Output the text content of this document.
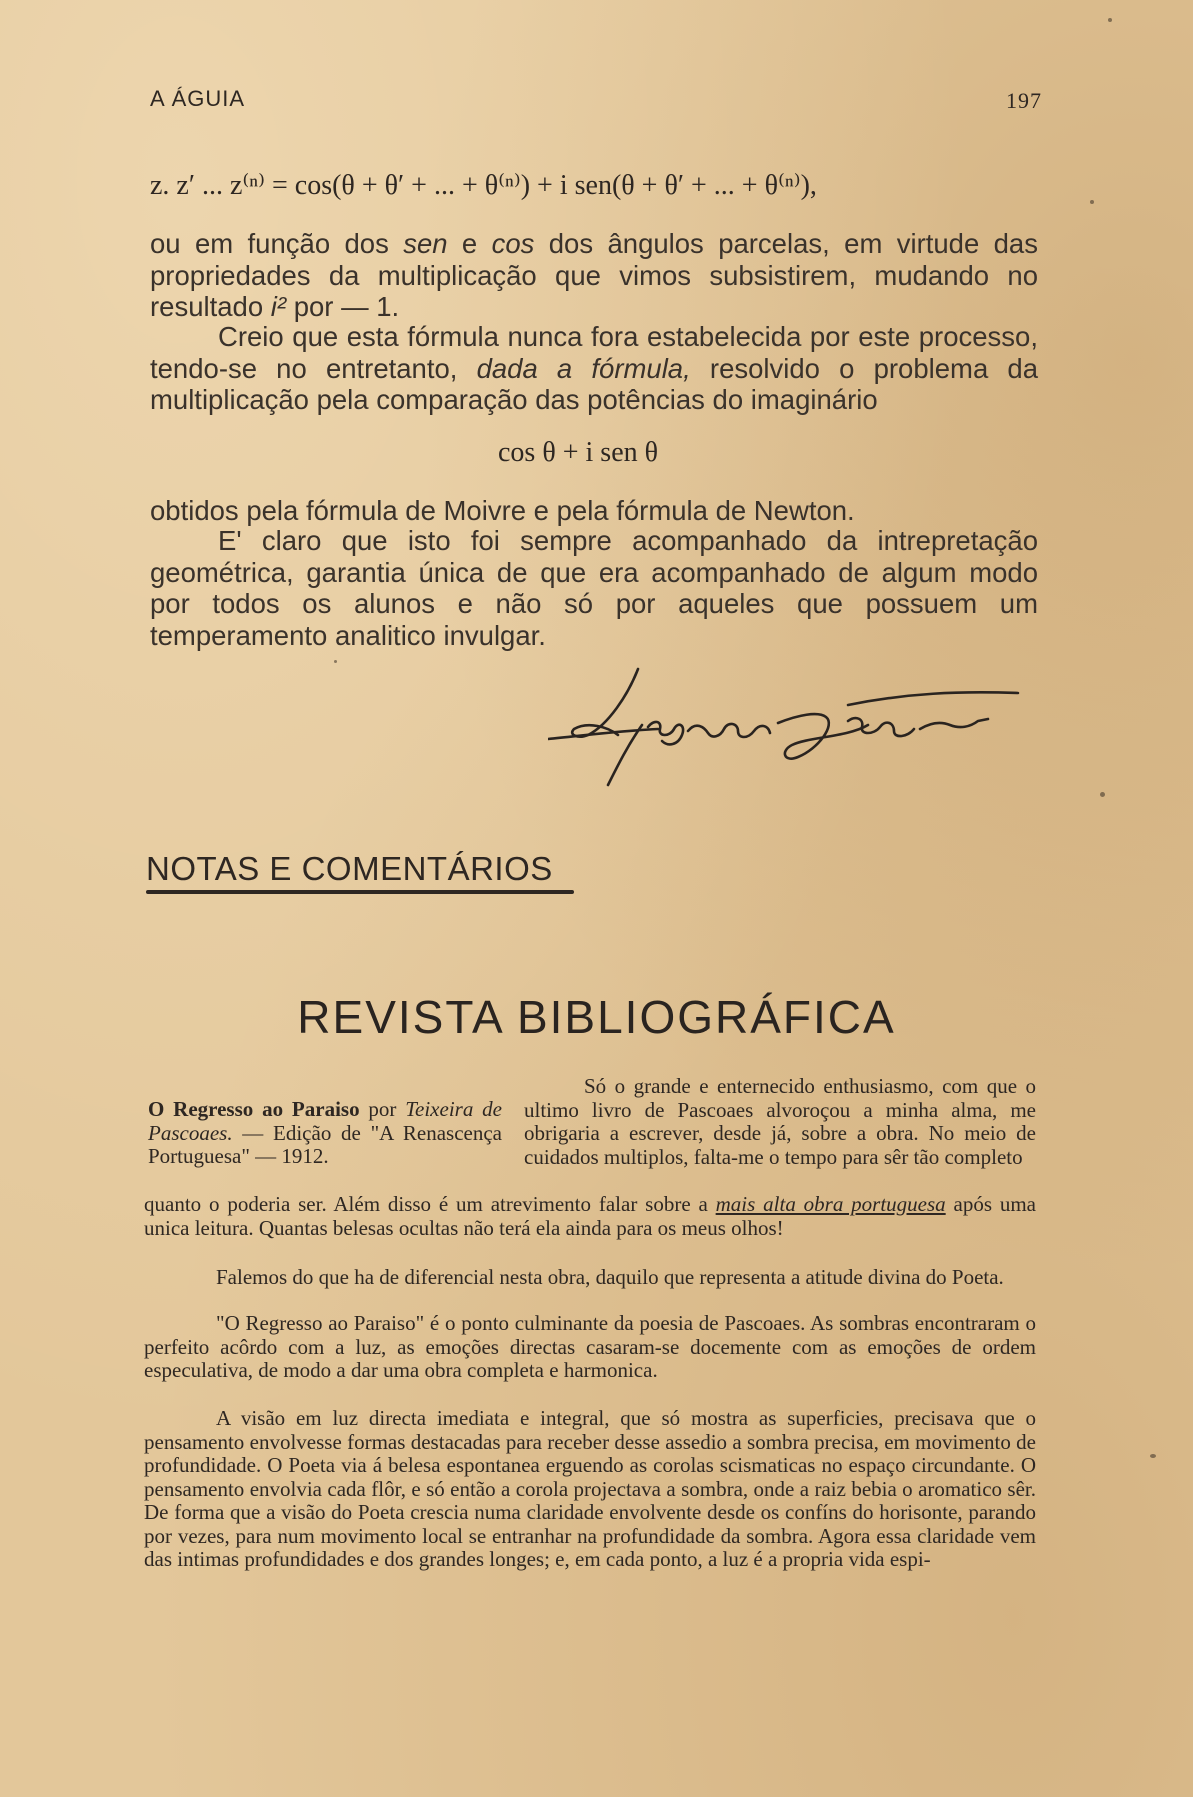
A ÁGUIA	197
z. z′ ... z⁽ⁿ⁾ = cos(θ + θ′ + ... + θ⁽ⁿ⁾) + i sen(θ + θ′ + ... + θ⁽ⁿ⁾),

ou em função dos sen e cos dos ângulos parcelas, em virtude das propriedades da multiplicação que vimos subsistirem, mudando no resultado i² por — 1.

Creio que esta fórmula nunca fora estabelecida por este processo, tendo-se no entretanto, dada a fórmula, resolvido o problema da multiplicação pela comparação das potências do imaginário

cos θ + i sen θ

obtidos pela fórmula de Moivre e pela fórmula de Newton.

E' claro que isto foi sempre acompanhado da intrepretação geométrica, garantia única de que era acompanhado de algum modo por todos os alunos e não só por aqueles que possuem um temperamento analitico invulgar.

NOTAS E COMENTÁRIOS
REVISTA BIBLIOGRÁFICA
O Regresso ao Paraiso por Teixeira de Pascoaes. — Edição de "A Renascença Portuguesa" — 1912.
Só o grande e enternecido enthusiasmo, com que o ultimo livro de Pascoaes alvoroçou a minha alma, me obrigaria a escrever, desde já, sobre a obra. No meio de cuidados multiplos, falta-me o tempo para sêr tão completo

quanto o poderia ser. Além disso é um atrevimento falar sobre a mais alta obra portuguesa após uma unica leitura. Quantas belesas ocultas não terá ela ainda para os meus olhos!

Falemos do que ha de diferencial nesta obra, daquilo que representa a atitude divina do Poeta.

"O Regresso ao Paraiso" é o ponto culminante da poesia de Pascoaes. As sombras encontraram o perfeito acôrdo com a luz, as emoções directas casaram-se docemente com as emoções de ordem especulativa, de modo a dar uma obra completa e harmonica.

A visão em luz directa imediata e integral, que só mostra as superficies, precisava que o pensamento envolvesse formas destacadas para receber desse assedio a sombra precisa, em movimento de profundidade. O Poeta via á belesa espontanea erguendo as corolas scismaticas no espaço circundante. O pensamento envolvia cada flôr, e só então a corola projectava a sombra, onde a raiz bebia o aromatico sêr. De forma que a visão do Poeta crescia numa claridade envolvente desde os confíns do horisonte, parando por vezes, para num movimento local se entranhar na profundidade da sombra. Agora essa claridade vem das intimas profundidades e dos grandes longes; e, em cada ponto, a luz é a propria vida espi-
